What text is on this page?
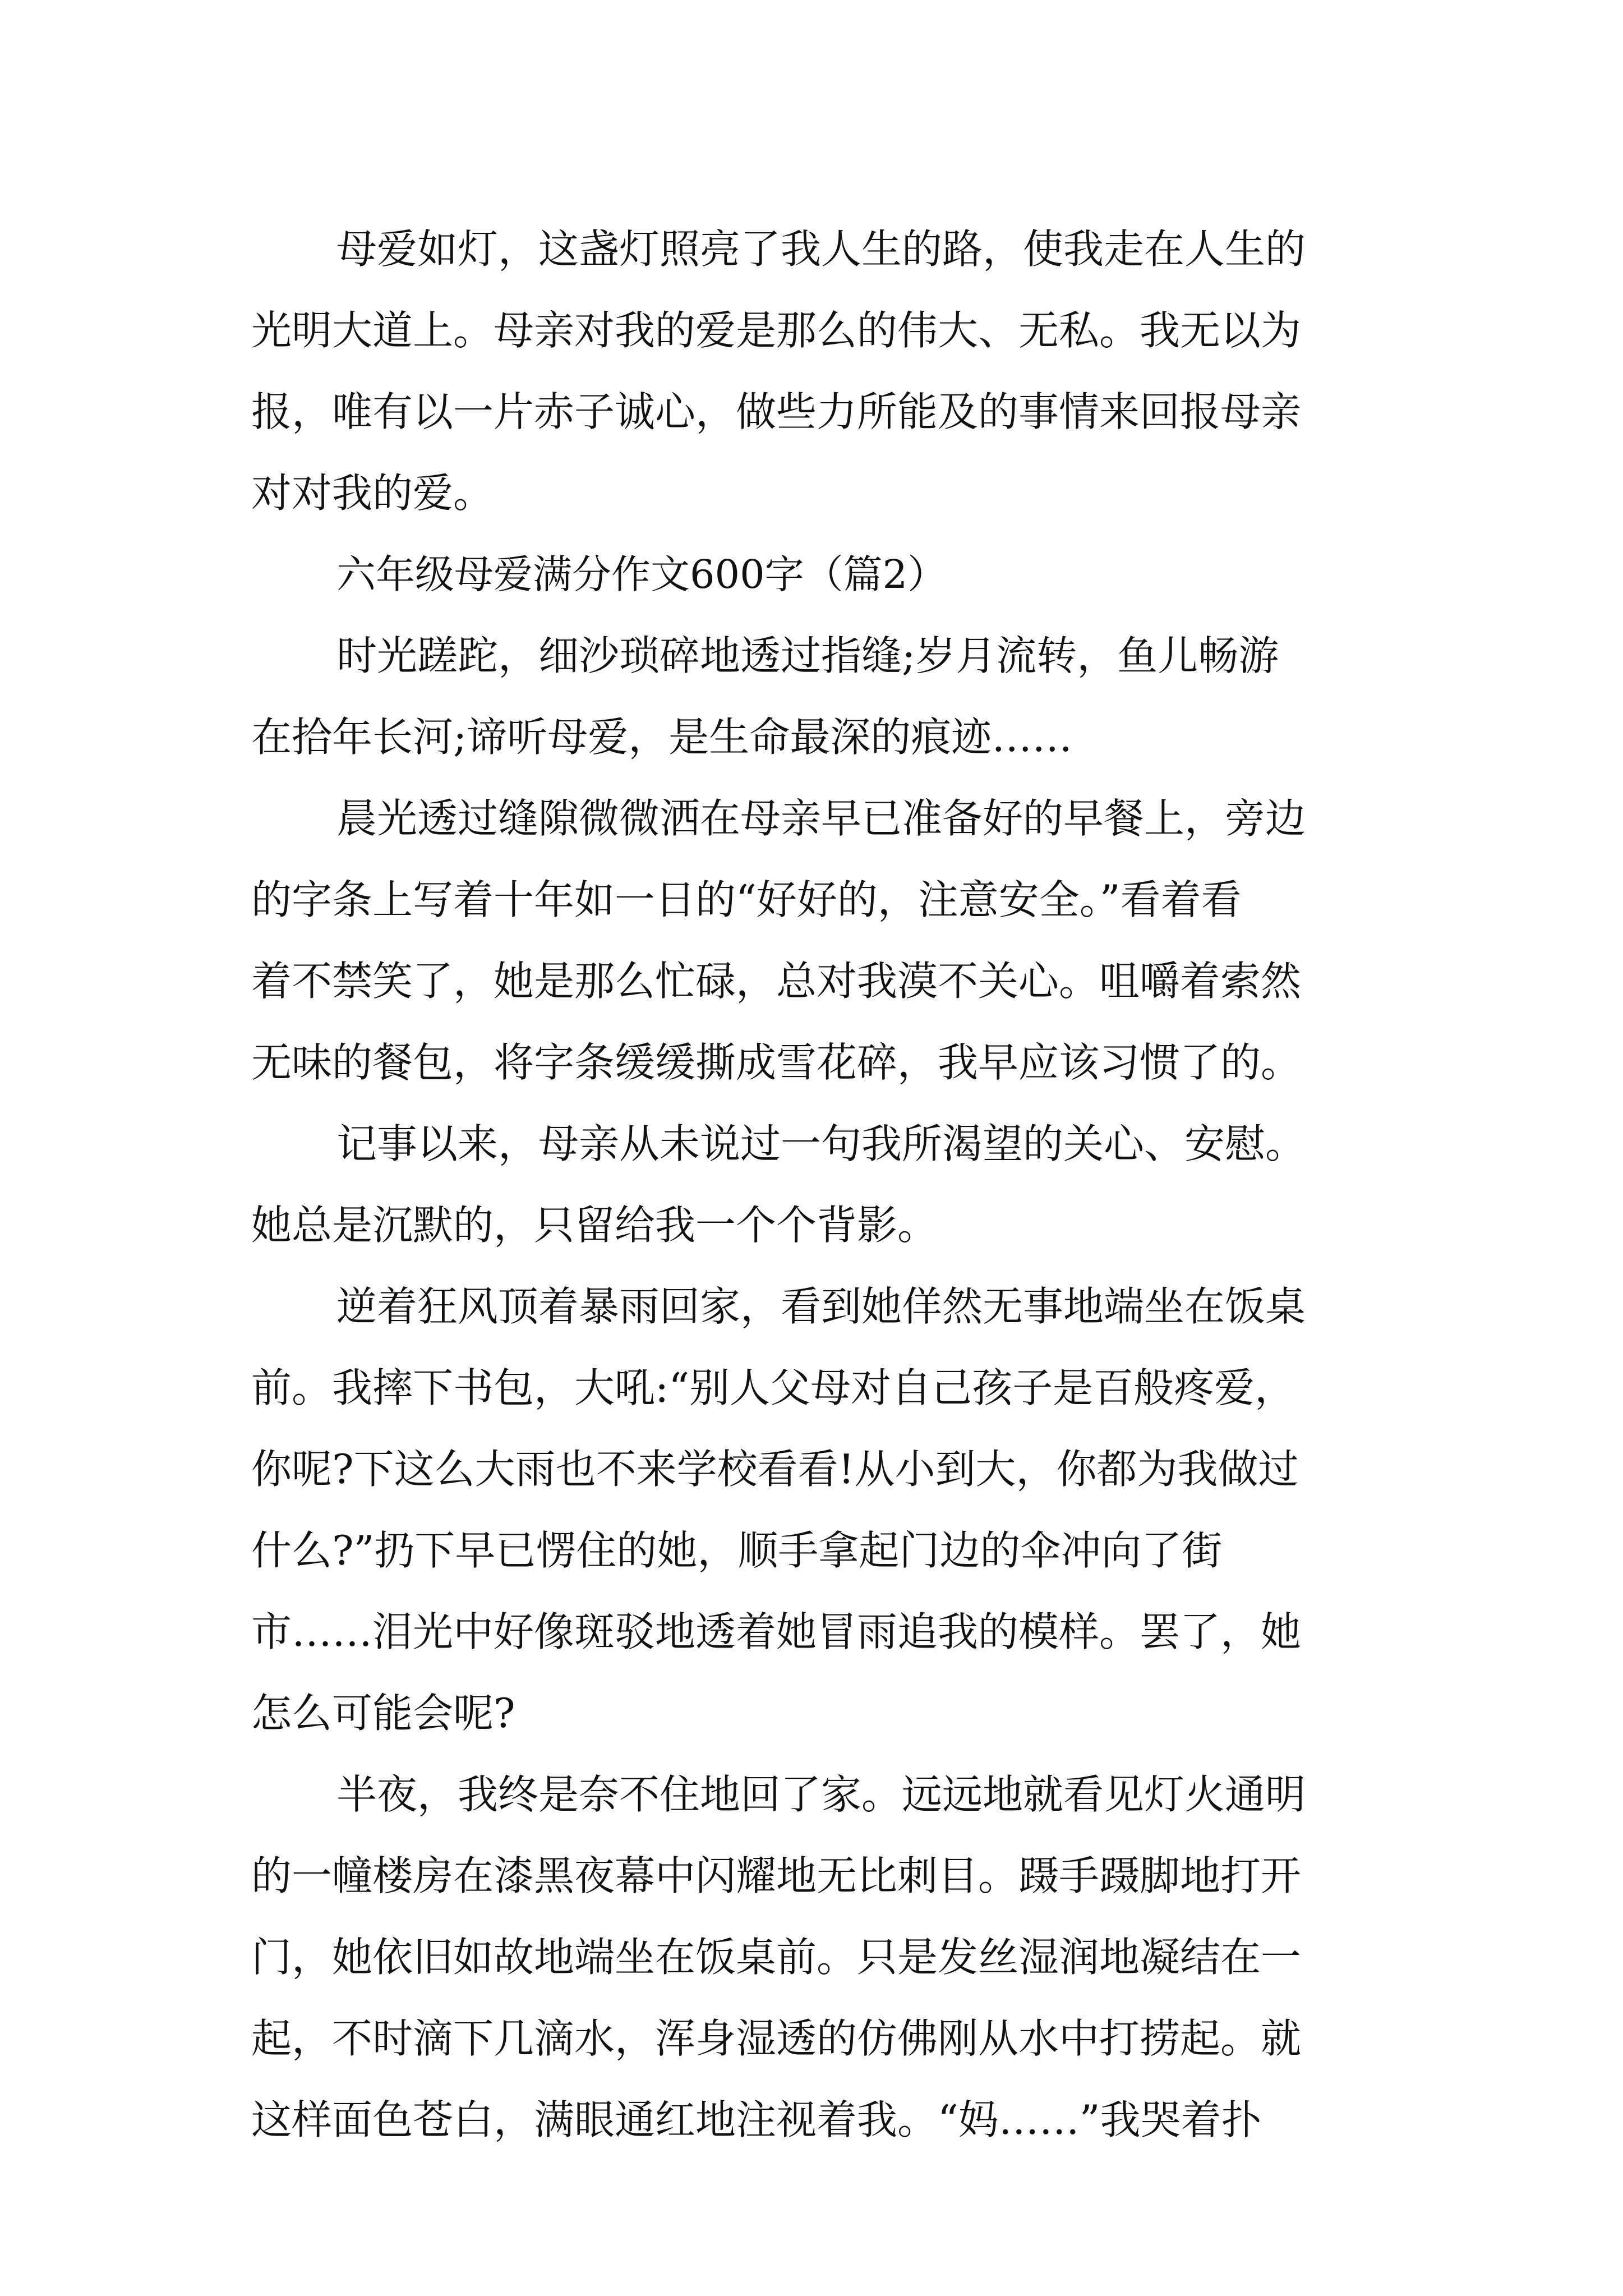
母爱如灯，这盏灯照亮了我人生的路，使我走在人生的
光明大道上。母亲对我的爱是那么的伟大、无私。我无以为
报，唯有以一片赤子诚心，做些力所能及的事情来回报母亲
对对我的爱。
六年级母爱满分作文600字（篇2）
时光蹉跎，细沙琐碎地透过指缝;岁月流转，鱼儿畅游
在拾年长河;谛听母爱，是生命最深的痕迹……
晨光透过缝隙微微洒在母亲早已准备好的早餐上，旁边
的字条上写着十年如一日的“好好的，注意安全。”看着看
着不禁笑了，她是那么忙碌，总对我漠不关心。咀嚼着索然
无味的餐包，将字条缓缓撕成雪花碎，我早应该习惯了的。
记事以来，母亲从未说过一句我所渴望的关心、安慰。
她总是沉默的，只留给我一个个背影。
逆着狂风顶着暴雨回家，看到她佯然无事地端坐在饭桌
前。我摔下书包，大吼:“别人父母对自己孩子是百般疼爱，
你呢?下这么大雨也不来学校看看!从小到大，你都为我做过
什么?”扔下早已愣住的她，顺手拿起门边的伞冲向了街
市……泪光中好像斑驳地透着她冒雨追我的模样。罢了，她
怎么可能会呢?
半夜，我终是奈不住地回了家。远远地就看见灯火通明
的一幢楼房在漆黑夜幕中闪耀地无比刺目。蹑手蹑脚地打开
门，她依旧如故地端坐在饭桌前。只是发丝湿润地凝结在一
起，不时滴下几滴水，浑身湿透的仿佛刚从水中打捞起。就
这样面色苍白，满眼通红地注视着我。“妈……”我哭着扑
